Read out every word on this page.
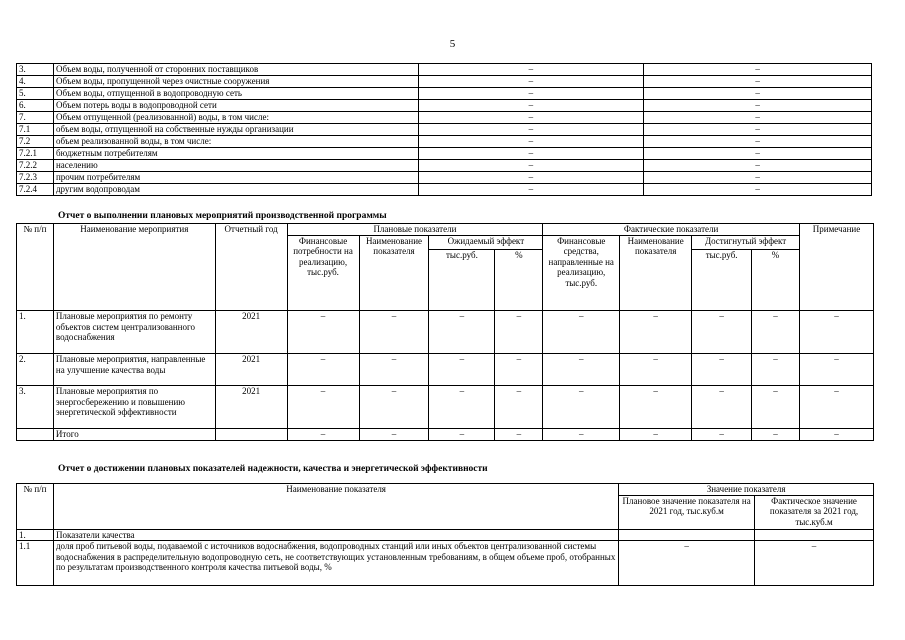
5
3.	Объем воды, полученной от сторонних поставщиков	–	–
4.	Объем воды, пропущенной через очистные сооружения	–	–
5.	Объем воды, отпущенной в водопроводную сеть	–	–
6.	Объем потерь воды в водопроводной сети	–	–
7.	Объем отпущенной (реализованной) воды, в том числе:	–	–
7.1	объем воды, отпущенной на собственные нужды организации	–	–
7.2	объем реализованной воды, в том числе:	–	–
7.2.1	бюджетным потребителям	–	–
7.2.2	населению	–	–
7.2.3	прочим потребителям	–	–
7.2.4	другим водопроводам	–	–
Отчет о выполнении плановых мероприятий производственной программы
№ п/п	Наименование мероприятия	Отчетный год	Плановые показатели				Фактические показатели				Примечание
			Финансовые потребности на реализацию, тыс.руб.	Наименование показателя	Ожидаемый эффект		Финансовые средства, направленные на реализацию, тыс.руб.	Наименование показателя	Достигнутый эффект		
					тыс.руб.	%			тыс.руб.	%	
1.	Плановые мероприятия по ремонту объектов систем централизованного водоснабжения	2021	–	–	–	–	–	–	–	–	–
2.	Плановые мероприятия, направленные на улучшение качества воды	2021	–	–	–	–	–	–	–	–	–
3.	Плановые мероприятия по энергосбережению и повышению энергетической эффективности	2021	–	–	–	–	–	–	–	–	–
	Итого		–	–	–	–	–	–	–	–	–
Отчет о достижении плановых показателей надежности, качества и энергетической эффективности
№ п/п	Наименование показателя	Значение показателя	
		Плановое значение показателя на 2021 год, тыс.куб.м	Фактическое значение показателя за 2021 год, тыс.куб.м
1.	Показатели качества		
1.1	доля проб питьевой воды, подаваемой с источников водоснабжения, водопроводных станций или иных объектов централизованной системы водоснабжения в распределительную водопроводную сеть, не соответствующих установленным требованиям, в общем объеме проб, отобранных по результатам производственного контроля качества питьевой воды, %	–	–
